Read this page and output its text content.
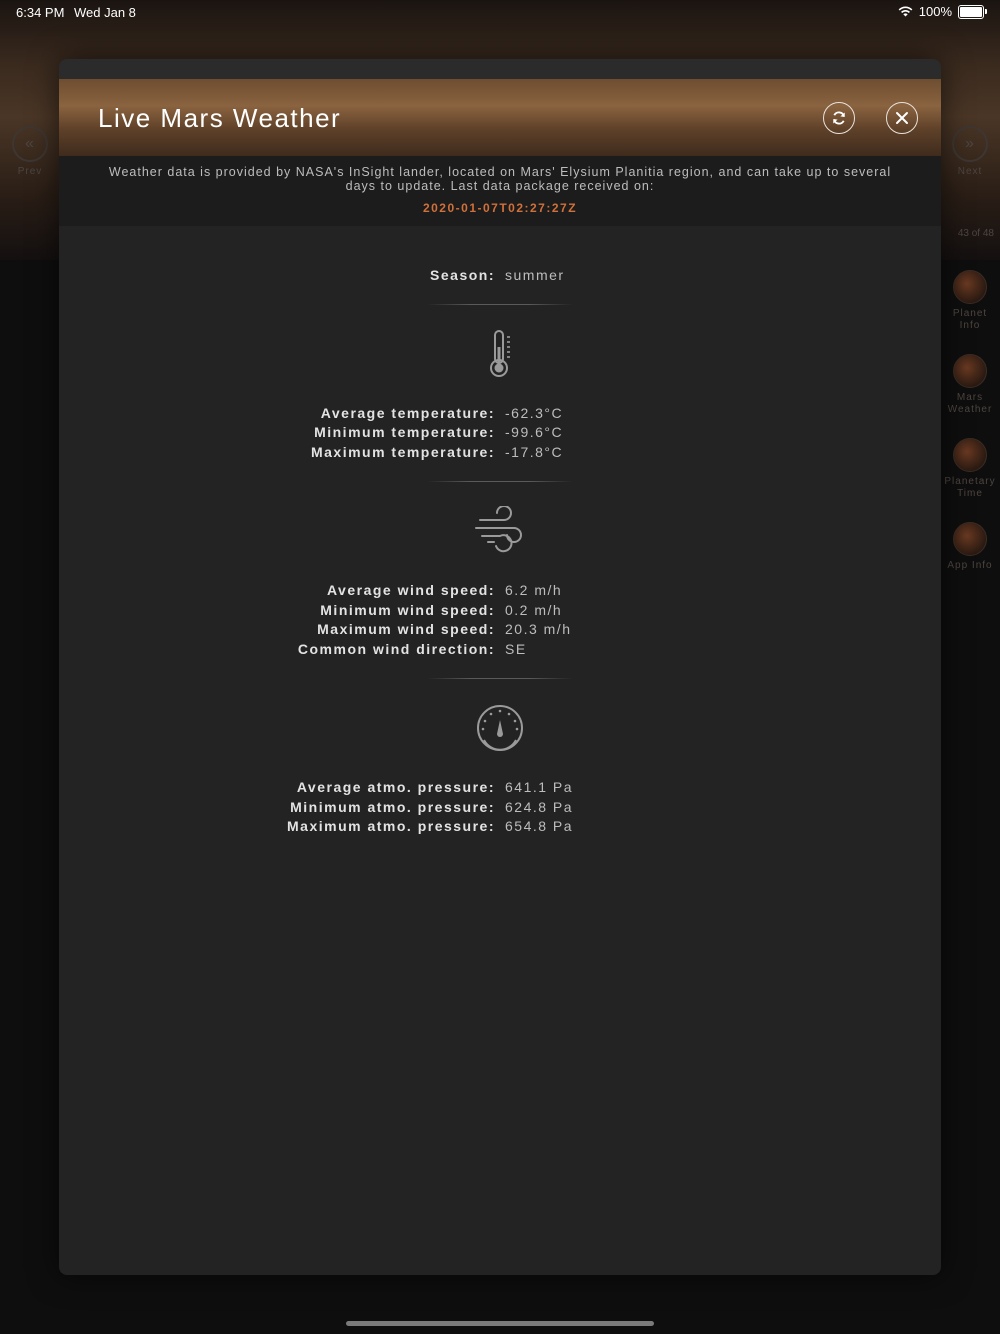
6:34 PM Wed Jan 8	100%
«
Prev
»
Next
43 of 48
Planet Info
Mars Weather
Planetary Time
App Info
Live Mars Weather
Weather data is provided by NASA's InSight lander, located on Mars' Elysium Planitia region, and can take up to several days to update. Last data package received on:
2020-01-07T02:27:27Z
Season: summer
Average temperature: -62.3°C
Minimum temperature: -99.6°C
Maximum temperature: -17.8°C
Average wind speed: 6.2 m/h
Minimum wind speed: 0.2 m/h
Maximum wind speed: 20.3 m/h
Common wind direction: SE
Average atmo. pressure: 641.1 Pa
Minimum atmo. pressure: 624.8 Pa
Maximum atmo. pressure: 654.8 Pa
